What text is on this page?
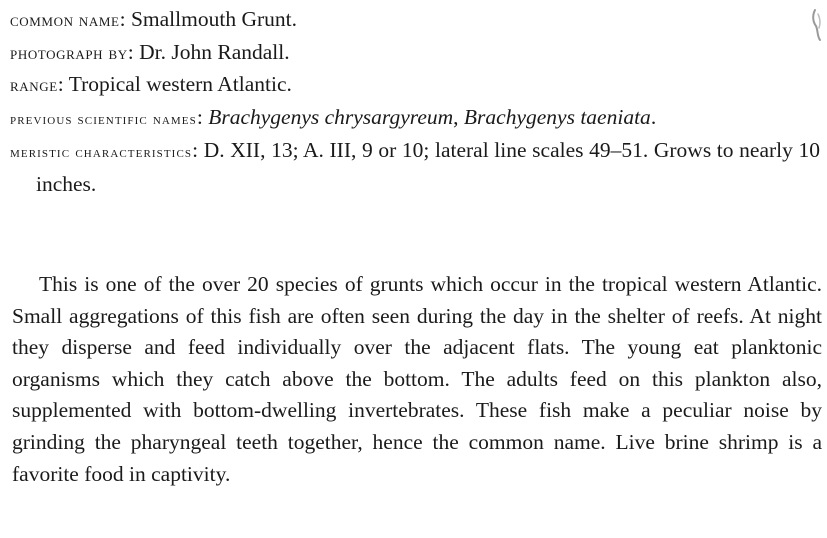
common name: Smallmouth Grunt.

photograph by: Dr. John Randall.

range: Tropical western Atlantic.

previous scientific names: Brachygenys chrysargyreum, Brachygenys taeniata.

meristic characteristics: D. XII, 13; A. III, 9 or 10; lateral line scales 49–51. Grows to nearly 10 inches.

This is one of the over 20 species of grunts which occur in the tropical western Atlantic. Small aggregations of this fish are often seen during the day in the shelter of reefs. At night they disperse and feed individually over the adjacent flats. The young eat planktonic organisms which they catch above the bottom. The adults feed on this plankton also, supplemented with bottom-dwelling invertebrates. These fish make a peculiar noise by grinding the pharyngeal teeth together, hence the common name. Live brine shrimp is a favorite food in captivity.
